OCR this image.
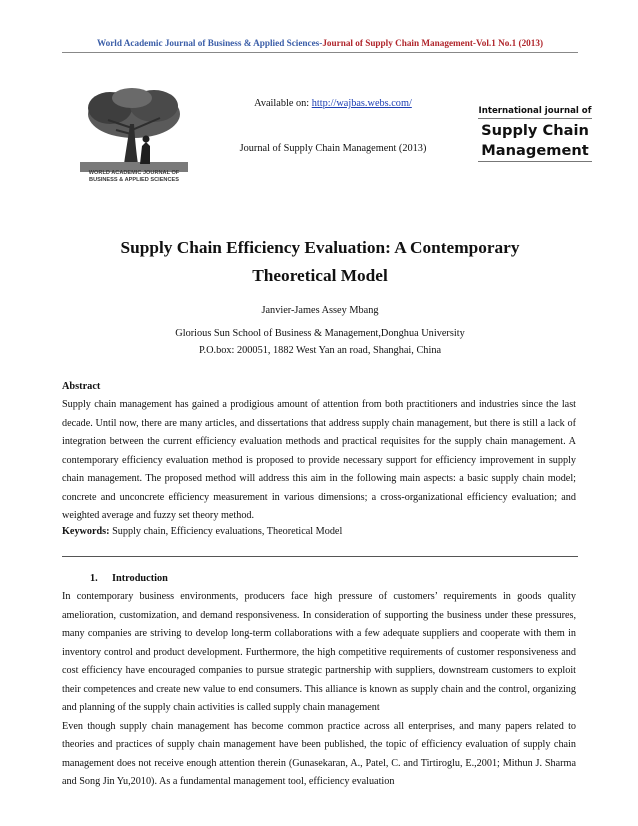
World Academic Journal of Business & Applied Sciences-Journal of Supply Chain Management-Vol.1 No.1 (2013)
WORLD ACADEMIC JOURNAL OF
BUSINESS & APPLIED SCIENCES
Available on: http://wajbas.webs.com/
Journal of Supply Chain Management (2013)
International journal of
Supply Chain
Management
Supply Chain Efficiency Evaluation: A Contemporary
Theoretical Model
Janvier-James Assey Mbang
Glorious Sun School of Business & Management,Donghua University
P.O.box: 200051, 1882 West Yan an road, Shanghai, China
Abstract
Supply chain management has gained a prodigious amount of attention from both practitioners and industries since the last decade. Until now, there are many articles, and dissertations that address supply chain management, but there is still a lack of integration between the current efficiency evaluation methods and practical requisites for the supply chain management. A contemporary efficiency evaluation method is proposed to provide necessary support for efficiency improvement in supply chain management. The proposed method will address this aim in the following main aspects: a basic supply chain model; concrete and unconcrete efficiency measurement in various dimensions; a cross-organizational efficiency evaluation; and weighted average and fuzzy set theory method.
Keywords: Supply chain, Efficiency evaluations, Theoretical Model
1. Introduction

In contemporary business environments, producers face high pressure of customers’ requirements in goods quality amelioration, customization, and demand responsiveness. In consideration of supporting the business under these pressures, many companies are striving to develop long-term collaborations with a few adequate suppliers and cooperate with them in inventory control and product development. Furthermore, the high competitive requirements of customer responsiveness and cost efficiency have encouraged companies to pursue strategic partnership with suppliers, downstream customers to exploit their competences and create new value to end consumers. This alliance is known as supply chain and the control, organizing and planning of the supply chain activities is called supply chain management

Even though supply chain management has become common practice across all enterprises, and many papers related to theories and practices of supply chain management have been published, the topic of efficiency evaluation of supply chain management does not receive enough attention therein (Gunasekaran, A., Patel, C. and Tirtiroglu, E.,2001; Mithun J. Sharma and Song Jin Yu,2010). As a fundamental management tool, efficiency evaluation
